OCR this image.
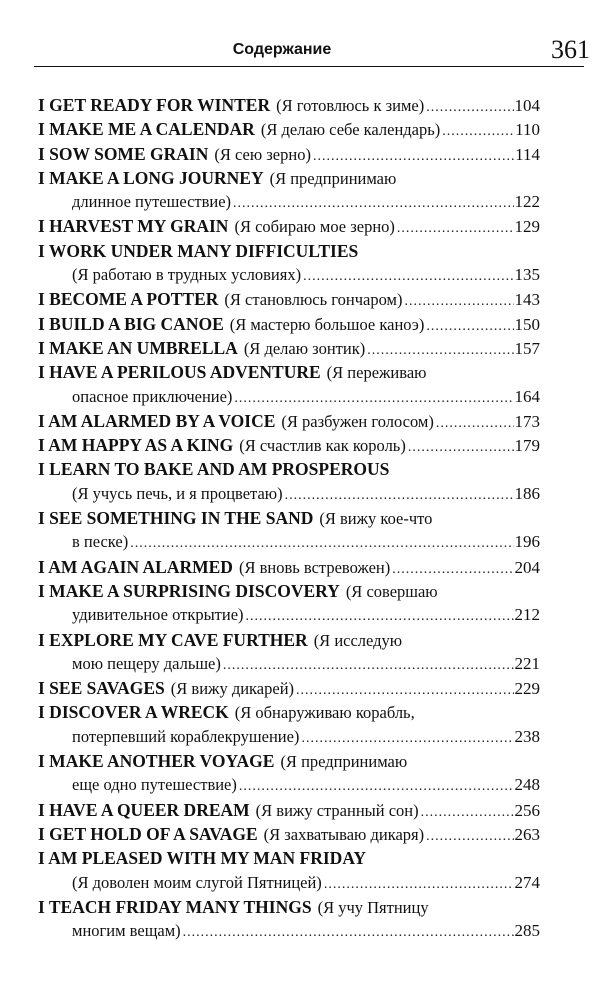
Содержание	361
I GET READY FOR WINTER (Я готовлюсь к зиме) .....	104
I MAKE ME A CALENDAR (Я делаю себе календарь) .....	110
I SOW SOME GRAIN (Я сею зерно) .....	114
I MAKE A LONG JOURNEY (Я предпринимаю
длинное путешествие) .....	122
I HARVEST MY GRAIN (Я собираю мое зерно) .....	129
I WORK UNDER MANY DIFFICULTIES
(Я работаю в трудных условиях) .....	135
I BECOME A POTTER (Я становлюсь гончаром) .....	143
I BUILD A BIG CANOE (Я мастерю большое каноэ) .....	150
I MAKE AN UMBRELLA (Я делаю зонтик) .....	157
I HAVE A PERILOUS ADVENTURE (Я переживаю
опасное приключение) .....	164
I AM ALARMED BY A VOICE (Я разбужен голосом) .....	173
I AM HAPPY AS A KING (Я счастлив как король) .....	179
I LEARN TO BAKE AND AM PROSPEROUS
(Я учусь печь, и я процветаю) .....	186
I SEE SOMETHING IN THE SAND (Я вижу кое-что
в песке) .....	196
I AM AGAIN ALARMED (Я вновь встревожен) .....	204
I MAKE A SURPRISING DISCOVERY (Я совершаю
удивительное открытие) .....	212
I EXPLORE MY CAVE FURTHER (Я исследую
мою пещеру дальше) .....	221
I SEE SAVAGES (Я вижу дикарей) .....	229
I DISCOVER A WRECK (Я обнаруживаю корабль,
потерпевший кораблекрушение) .....	238
I MAKE ANOTHER VOYAGE (Я предпринимаю
еще одно путешествие) .....	248
I HAVE A QUEER DREAM (Я вижу странный сон) .....	256
I GET HOLD OF A SAVAGE (Я захватываю дикаря) .....	263
I AM PLEASED WITH MY MAN FRIDAY
(Я доволен моим слугой Пятницей) .....	274
I TEACH FRIDAY MANY THINGS (Я учу Пятницу
многим вещам) .....	285
